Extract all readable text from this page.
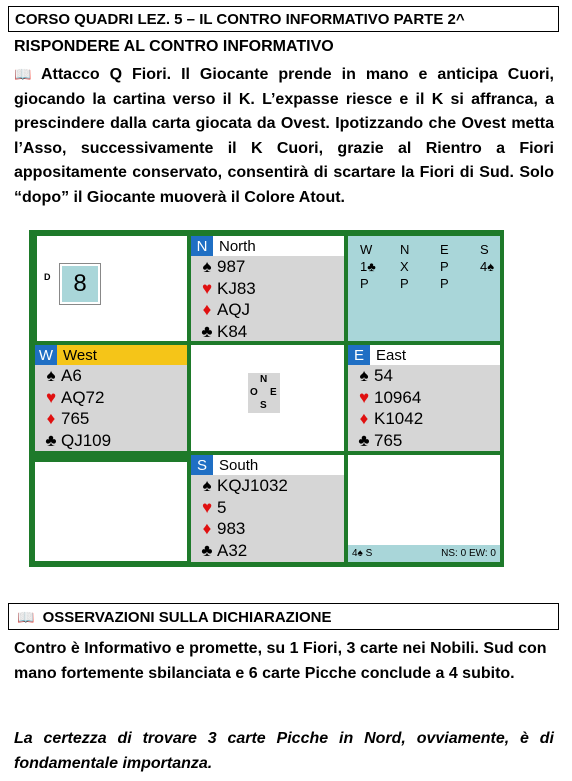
CORSO QUADRI LEZ. 5 – IL CONTRO INFORMATIVO PARTE 2^
RISPONDERE AL CONTRO INFORMATIVO
📖 Attacco Q Fiori. Il Giocante prende in mano e anticipa Cuori, giocando la cartina verso il K. L’expasse riesce e il K si affranca, a prescindere dalla carta giocata da Ovest. Ipotizzando che Ovest metta l’Asso, successivamente il K Cuori, grazie al Rientro a Fiori appositamente conservato, consentirà di scartare la Fiori di Sud. Solo “dopo” il Giocante muoverà il Colore Atout.
D 8
N North
♠ 987
♥ KJ83
♦ AQJ
♣ K84
W	N	E	S
1♣	X	P	4♠
P	P	P
W West
♠ A6
♥ AQ72
♦ 765
♣ QJ109
N
O E
S
E East
♠ 54
♥ 10964
♦ K1042
♣ 765
S South
♠ KQJ1032
♥ 5
♦ 983
♣ A32	4♠ S	NS: 0 EW: 0
📖 OSSERVAZIONI SULLA DICHIARAZIONE
Contro è Informativo e promette, su 1 Fiori, 3 carte nei Nobili. Sud con mano fortemente sbilanciata e 6 carte Picche conclude a 4 subito.
La certezza di trovare 3 carte Picche in Nord, ovviamente, è di fondamentale importanza.
